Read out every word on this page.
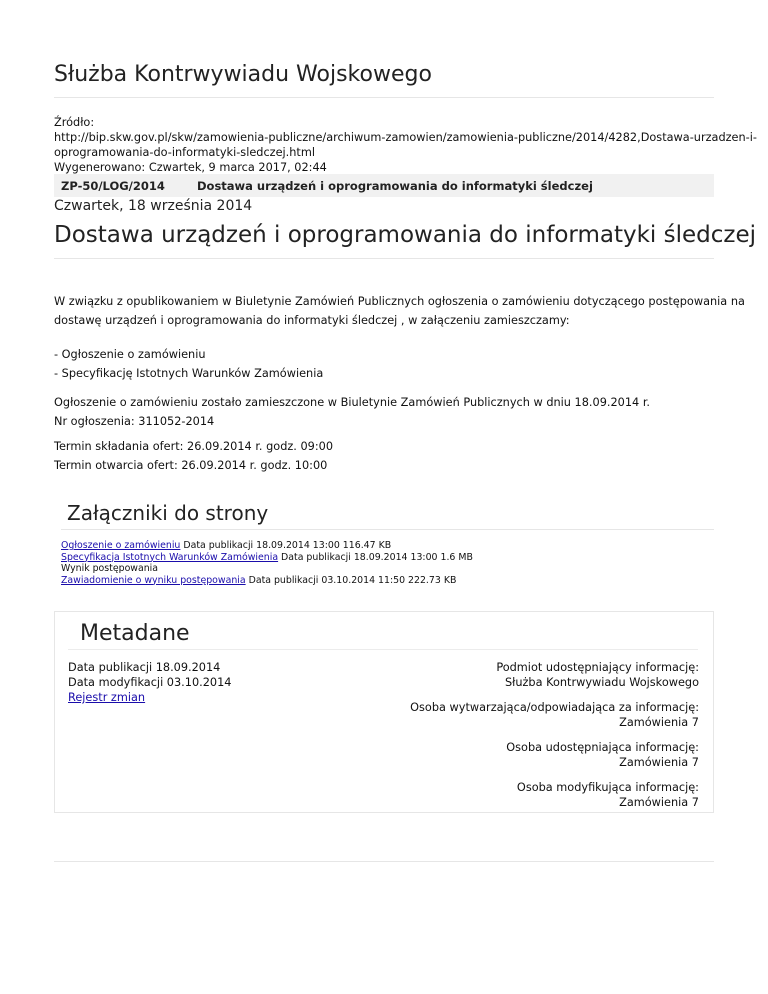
Służba Kontrwywiadu Wojskowego
Źródło:
http://bip.skw.gov.pl/skw/zamowienia-publiczne/archiwum-zamowien/zamowienia-publiczne/2014/4282,Dostawa-urzadzen-i-
oprogramowania-do-informatyki-sledczej.html
Wygenerowano: Czwartek, 9 marca 2017, 02:44
ZP-50/LOG/2014	Dostawa urządzeń i oprogramowania do informatyki śledczej
Czwartek, 18 września 2014
Dostawa urządzeń i oprogramowania do informatyki śledczej

W związku z opublikowaniem w Biuletynie Zamówień Publicznych ogłoszenia o zamówieniu dotyczącego postępowania na

dostawę urządzeń i oprogramowania do informatyki śledczej , w załączeniu zamieszczamy:

- Ogłoszenie o zamówieniu

- Specyfikację Istotnych Warunków Zamówienia

Ogłoszenie o zamówieniu zostało zamieszczone w Biuletynie Zamówień Publicznych w dniu 18.09.2014 r.

Nr ogłoszenia: 311052-2014

Termin składania ofert: 26.09.2014 r. godz. 09:00

Termin otwarcia ofert: 26.09.2014 r. godz. 10:00

Załączniki do strony
Ogłoszenie o zamówieniu Data publikacji 18.09.2014 13:00 116.47 KB
Specyfikacja Istotnych Warunków Zamówienia Data publikacji 18.09.2014 13:00 1.6 MB
Wynik postępowania
Zawiadomienie o wyniku postępowania Data publikacji 03.10.2014 11:50 222.73 KB
Metadane
Data publikacji 18.09.2014
Data modyfikacji 03.10.2014
Rejestr zmian
Podmiot udostępniający informację:
Służba Kontrwywiadu Wojskowego
Osoba wytwarzająca/odpowiadająca za informację:
Zamówienia 7
Osoba udostępniająca informację:
Zamówienia 7
Osoba modyfikująca informację:
Zamówienia 7
